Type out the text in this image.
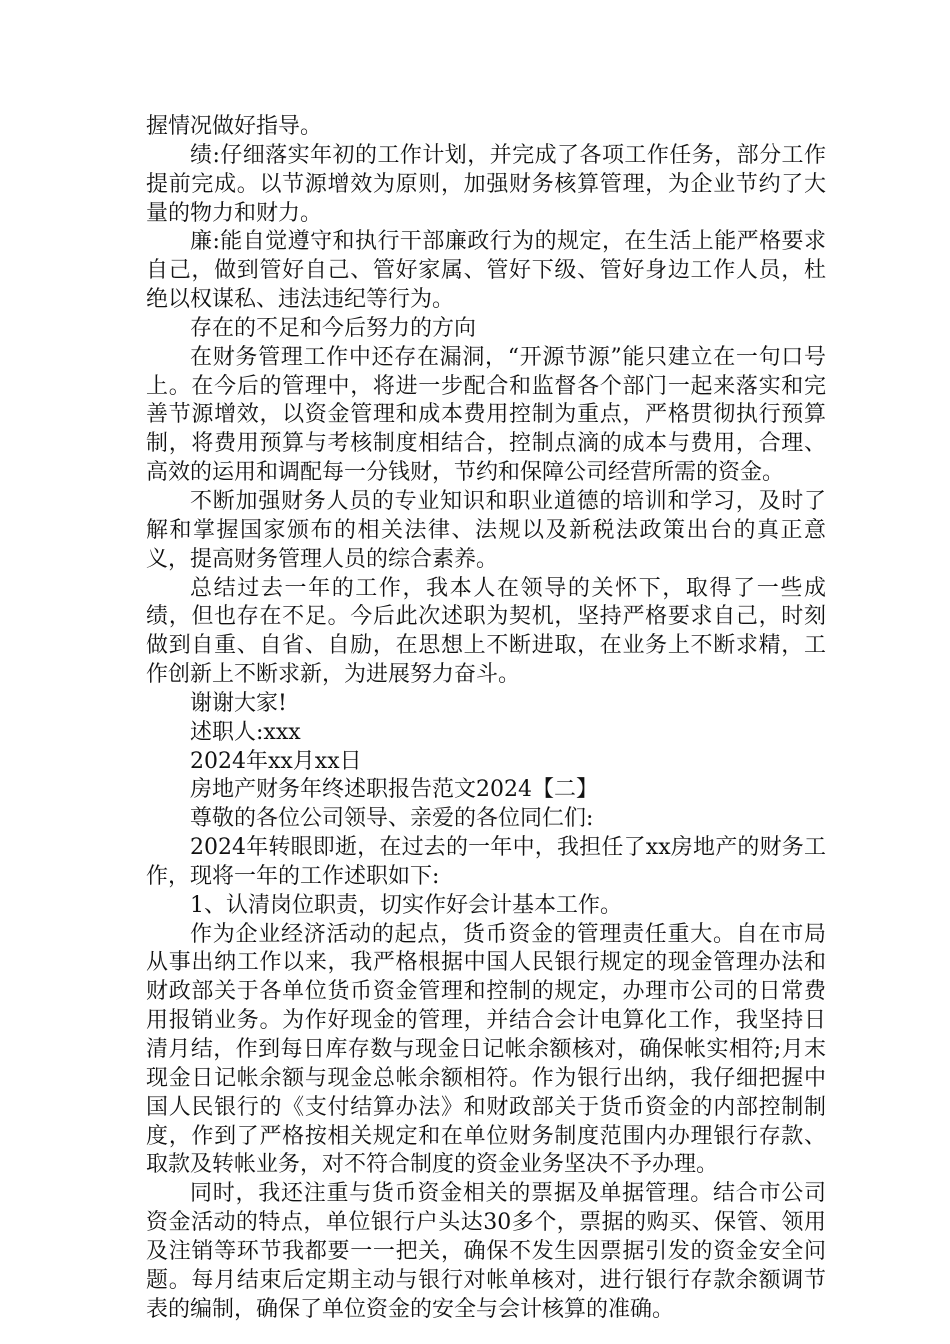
握情况做好指导。

绩:仔细落实年初的工作计划，并完成了各项工作任务，部分工作提前完成。以节源增效为原则，加强财务核算管理，为企业节约了大量的物力和财力。

廉:能自觉遵守和执行干部廉政行为的规定，在生活上能严格要求自己，做到管好自己、管好家属、管好下级、管好身边工作人员，杜绝以权谋私、违法违纪等行为。

存在的不足和今后努力的方向

在财务管理工作中还存在漏洞，“开源节源”能只建立在一句口号上。在今后的管理中，将进一步配合和监督各个部门一起来落实和完善节源增效，以资金管理和成本费用控制为重点，严格贯彻执行预算制，将费用预算与考核制度相结合，控制点滴的成本与费用，合理、高效的运用和调配每一分钱财，节约和保障公司经营所需的资金。

不断加强财务人员的专业知识和职业道德的培训和学习，及时了解和掌握国家颁布的相关法律、法规以及新税法政策出台的真正意义，提高财务管理人员的综合素养。

总结过去一年的工作，我本人在领导的关怀下，取得了一些成绩，但也存在不足。今后此次述职为契机，坚持严格要求自己，时刻做到自重、自省、自励，在思想上不断进取，在业务上不断求精，工作创新上不断求新，为进展努力奋斗。

谢谢大家!

述职人:xxx

2024年xx月xx日

房地产财务年终述职报告范文2024【二】

尊敬的各位公司领导、亲爱的各位同仁们:

2024年转眼即逝，在过去的一年中，我担任了xx房地产的财务工作，现将一年的工作述职如下:

1、认清岗位职责，切实作好会计基本工作。

作为企业经济活动的起点，货币资金的管理责任重大。自在市局从事出纳工作以来，我严格根据中国人民银行规定的现金管理办法和财政部关于各单位货币资金管理和控制的规定，办理市公司的日常费用报销业务。为作好现金的管理，并结合会计电算化工作，我坚持日清月结，作到每日库存数与现金日记帐余额核对，确保帐实相符;月末现金日记帐余额与现金总帐余额相符。作为银行出纳，我仔细把握中国人民银行的《支付结算办法》和财政部关于货币资金的内部控制制度，作到了严格按相关规定和在单位财务制度范围内办理银行存款、取款及转帐业务，对不符合制度的资金业务坚决不予办理。

同时，我还注重与货币资金相关的票据及单据管理。结合市公司资金活动的特点，单位银行户头达30多个，票据的购买、保管、领用及注销等环节我都要一一把关，确保不发生因票据引发的资金安全问题。每月结束后定期主动与银行对帐单核对，进行银行存款余额调节表的编制，确保了单位资金的安全与会计核算的准确。
